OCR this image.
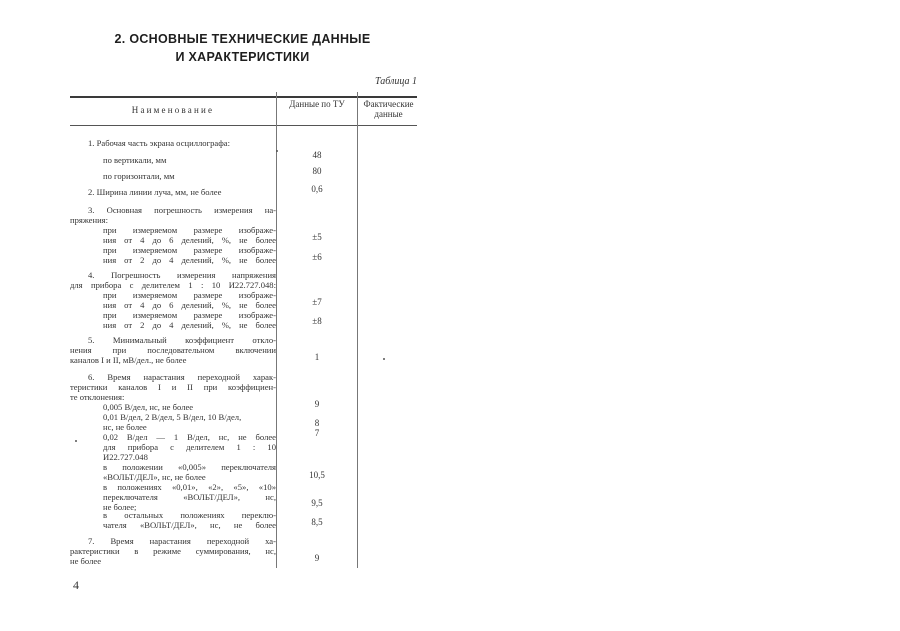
2. ОСНОВНЫЕ ТЕХНИЧЕСКИЕ ДАННЫЕ
И ХАРАКТЕРИСТИКИ
Таблица 1
Наименование
Данные по ТУ	Фактические данные
1. Рабочая часть экрана осциллографа:
по вертикали, мм	48
по горизонтали, мм	80
2. Ширина линии луча, мм, не более	0,6
3. Основная погрешность измерения на-
пряжения:
при измеряемом размере изображе-
ния от 4 до 6 делений, %, не более	±5
при измеряемом размере изображе-
ния от 2 до 4 делений, %, не более	±6
4. Погрешность измерения напряжения
для прибора с делителем 1 : 10 И22.727.048:
при измеряемом размере изображе-
ния от 4 до 6 делений, %, не более	±7
при измеряемом размере изображе-
ния от 2 до 4 делений, %, не более	±8
5. Минимальный коэффициент откло-
нения при последовательном включении
каналов I и II, мВ/дел., не более	1
6. Время нарастания переходной харак-
теристики каналов I и II при коэффициен-
те отклонения:
0,005 В/дел, нс, не более	9
0,01 В/дел, 2 В/дел, 5 В/дел, 10 В/дел,
нс, не более	8
0,02 В/дел — 1 В/дел, нс, не более	7
для прибора с делителем 1 : 10
И22.727.048
в положении «0,005» переключателя
«ВОЛЬТ/ДЕЛ», нс, не более	10,5
в положениях «0,01», «2», «5», «10»
переключателя «ВОЛЬТ/ДЕЛ», нс,
не более;	9,5
в остальных положениях переклю-
чателя «ВОЛЬТ/ДЕЛ», нс, не более	8,5
7. Время нарастания переходной ха-
рактеристики в режиме суммирования, нс,
не более	9
4
